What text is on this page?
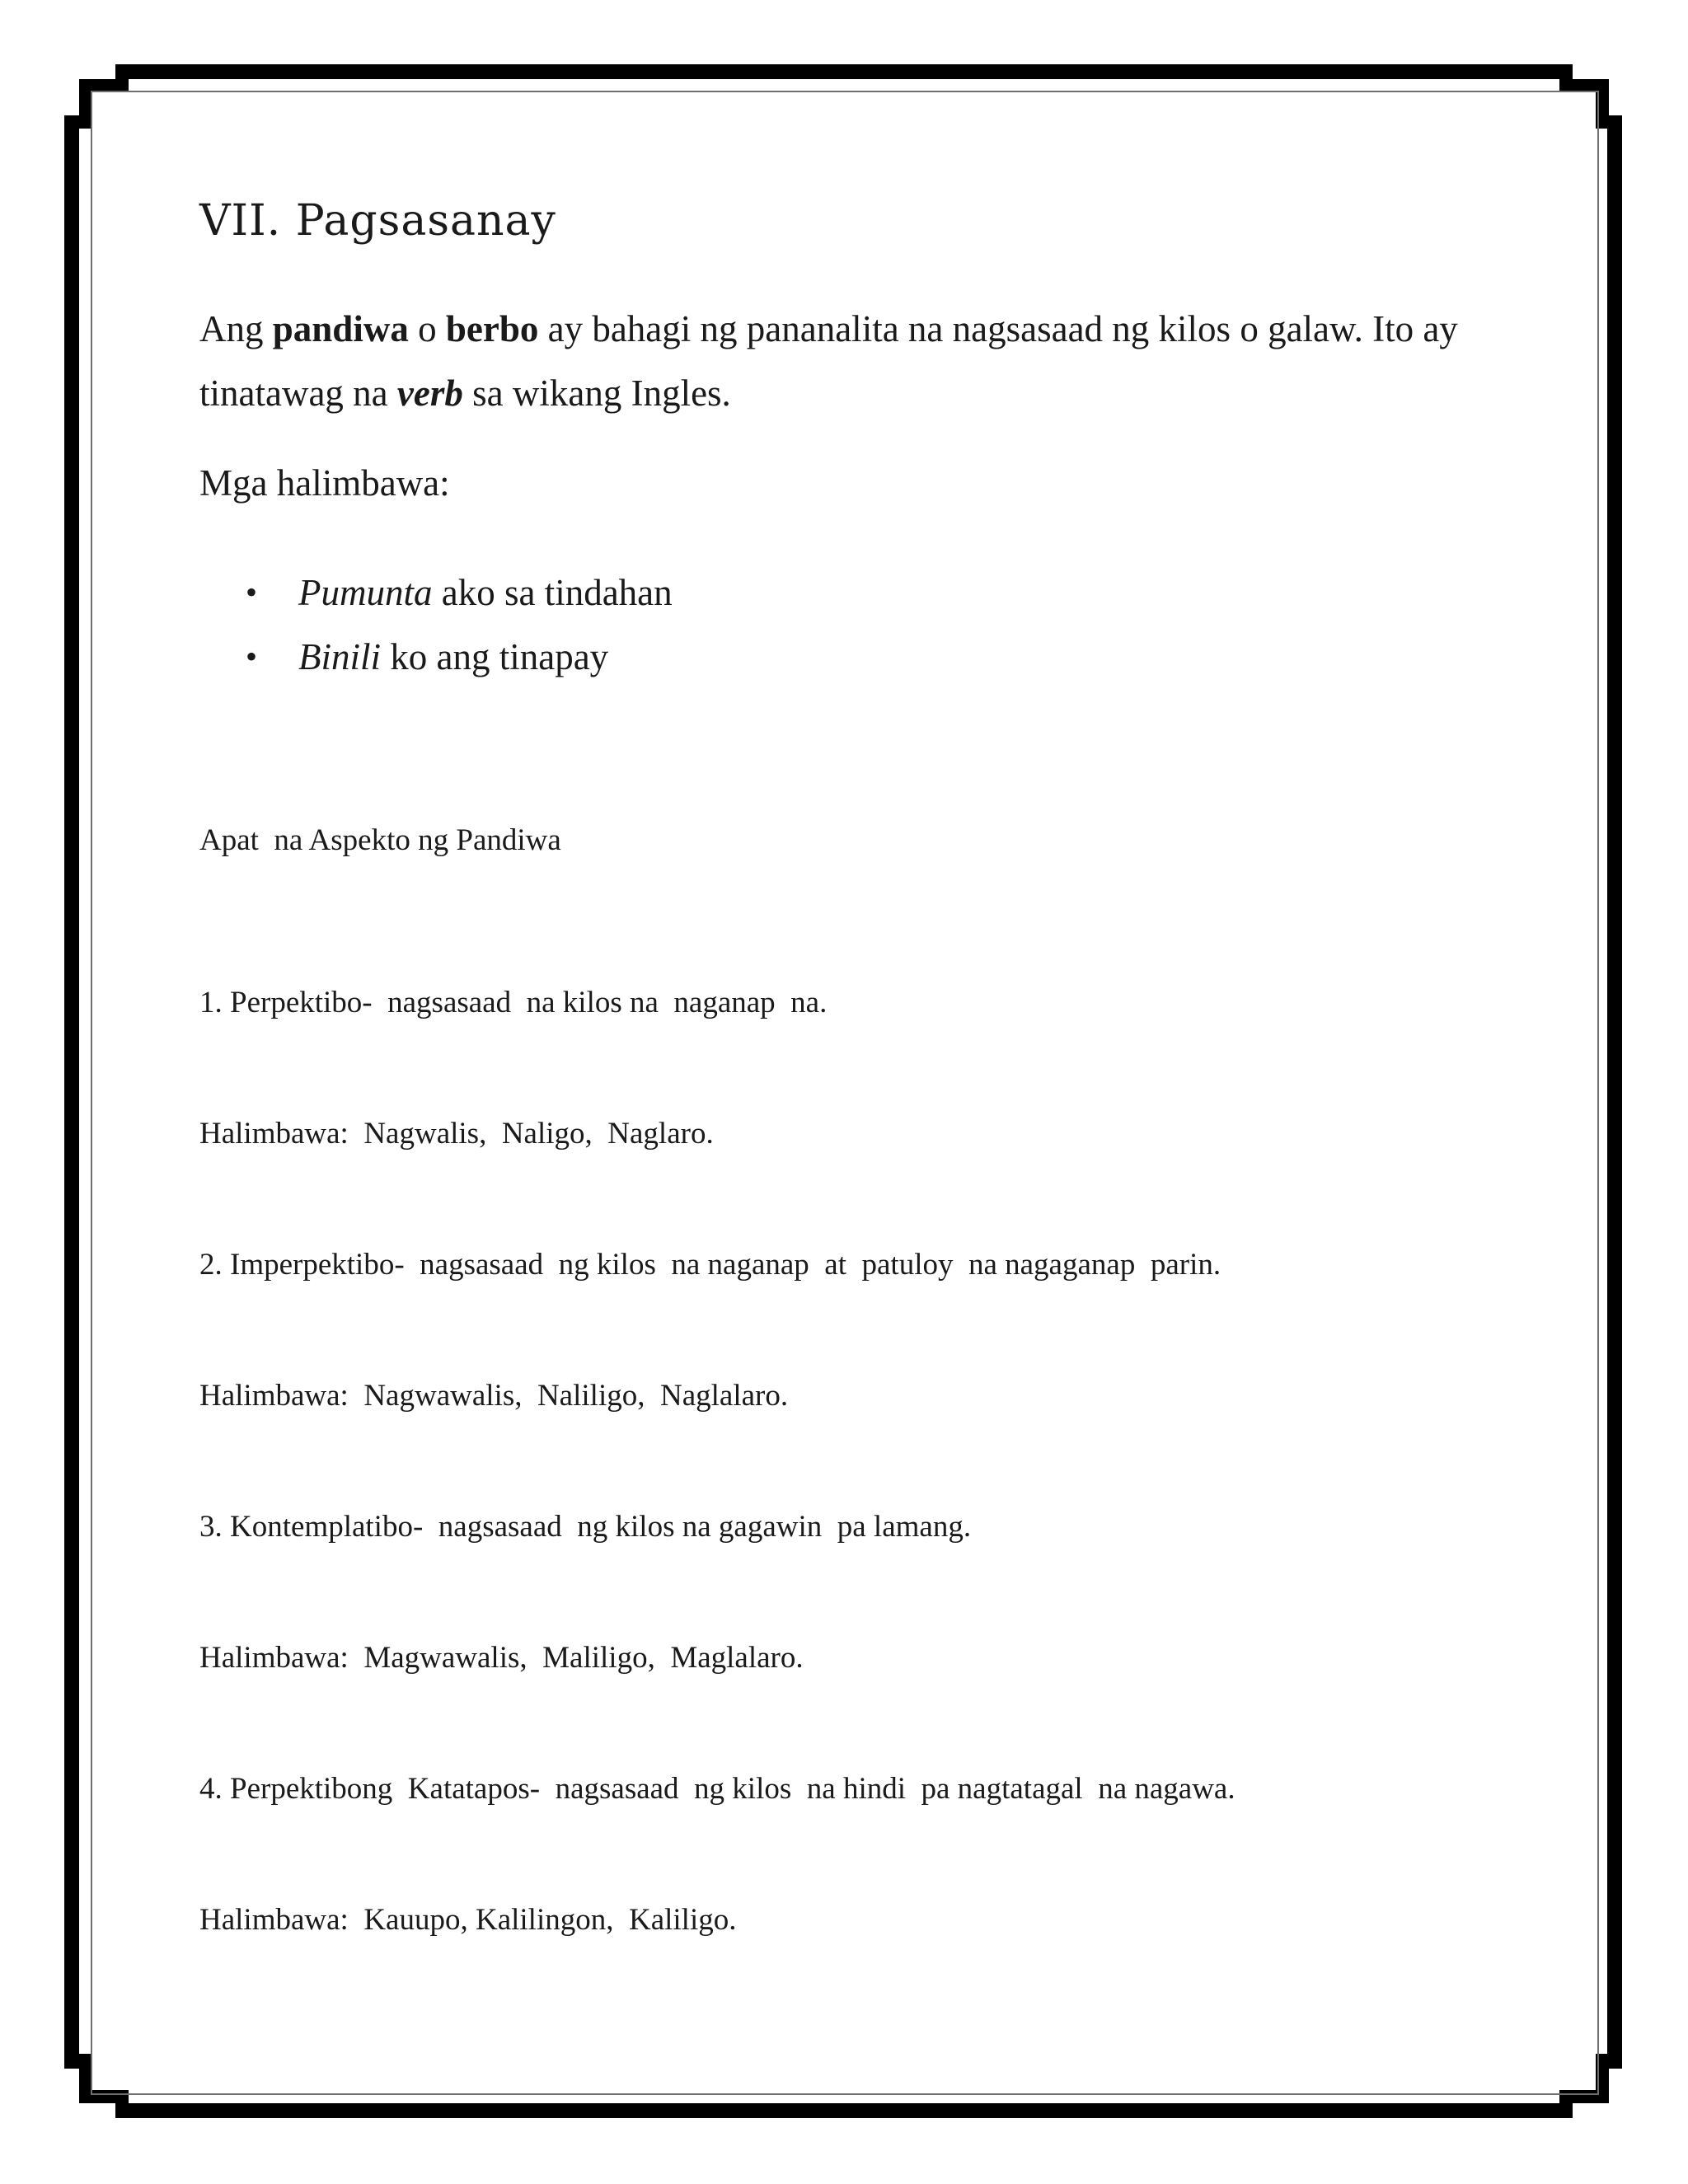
VII. Pagsasanay

Ang pandiwa o berbo ay bahagi ng pananalita na nagsasaad ng kilos o galaw. Ito ay tinatawag na verb sa wikang Ingles.

Mga halimbawa:

• Pumunta ako sa tindahan
• Binili ko ang tinapay

Apat  na Aspekto ng Pandiwa

1. Perpektibo-  nagsasaad  na kilos na  naganap  na.

Halimbawa:  Nagwalis,  Naligo,  Naglaro.

2. Imperpektibo-  nagsasaad  ng kilos  na naganap  at  patuloy  na nagaganap  parin.

Halimbawa:  Nagwawalis,  Naliligo,  Naglalaro.

3. Kontemplatibo-  nagsasaad  ng kilos na gagawin  pa lamang.

Halimbawa:  Magwawalis,  Maliligo,  Maglalaro.

4. Perpektibong  Katatapos-  nagsasaad  ng kilos  na hindi  pa nagtatagal  na nagawa.

Halimbawa:  Kauupo, Kalilingon,  Kaliligo.
